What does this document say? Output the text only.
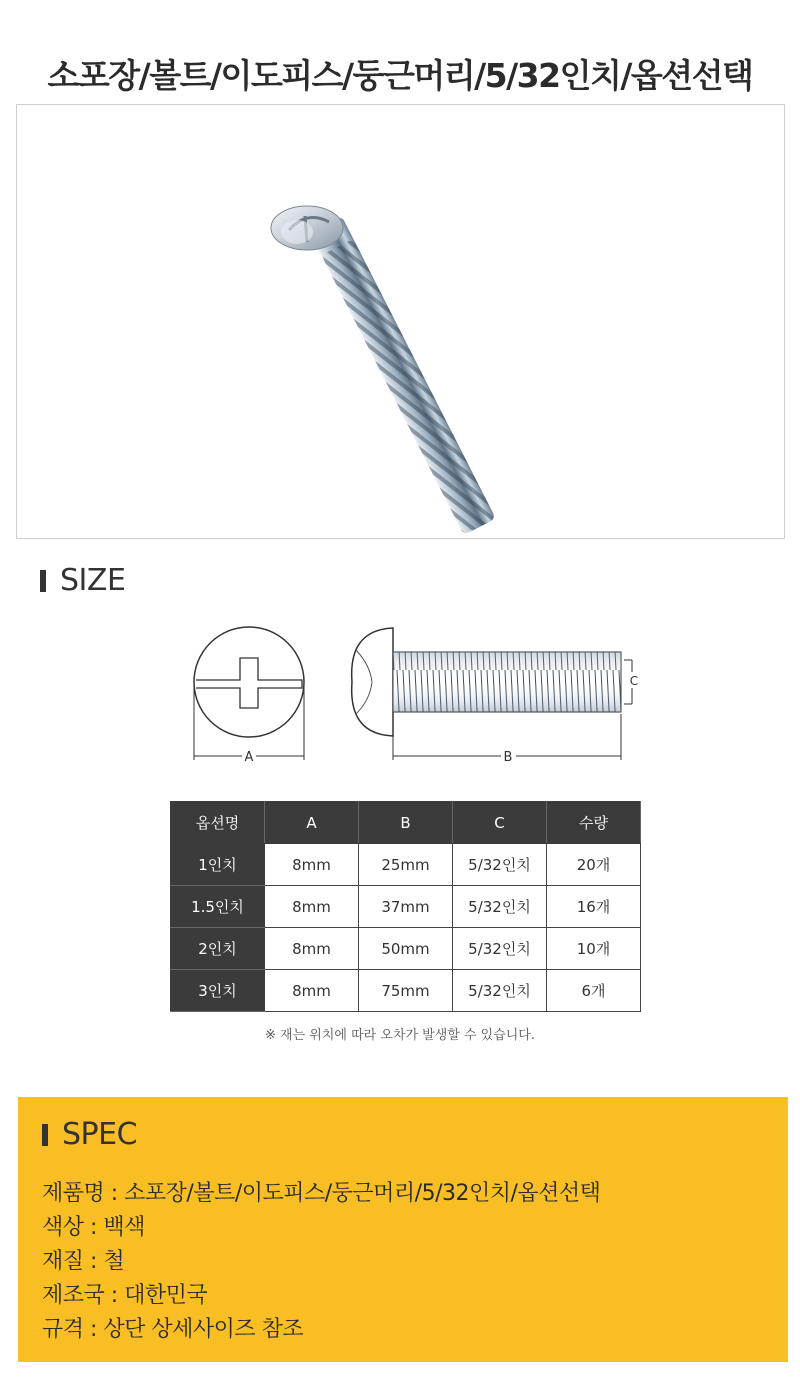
소포장/볼트/이도피스/둥근머리/5/32인치/옵션선택
SIZE
A	B
C
옵션명	A	B	C	수량
1인치	8mm	25mm	5/32인치	20개
1.5인치	8mm	37mm	5/32인치	16개
2인치	8mm	50mm	5/32인치	10개
3인치	8mm	75mm	5/32인치	6개
※ 재는 위치에 따라 오차가 발생할 수 있습니다.
SPEC
제품명 : 소포장/볼트/이도피스/둥근머리/5/32인치/옵션선택
색상 : 백색
재질 : 철
제조국 : 대한민국
규격 : 상단 상세사이즈 참조
